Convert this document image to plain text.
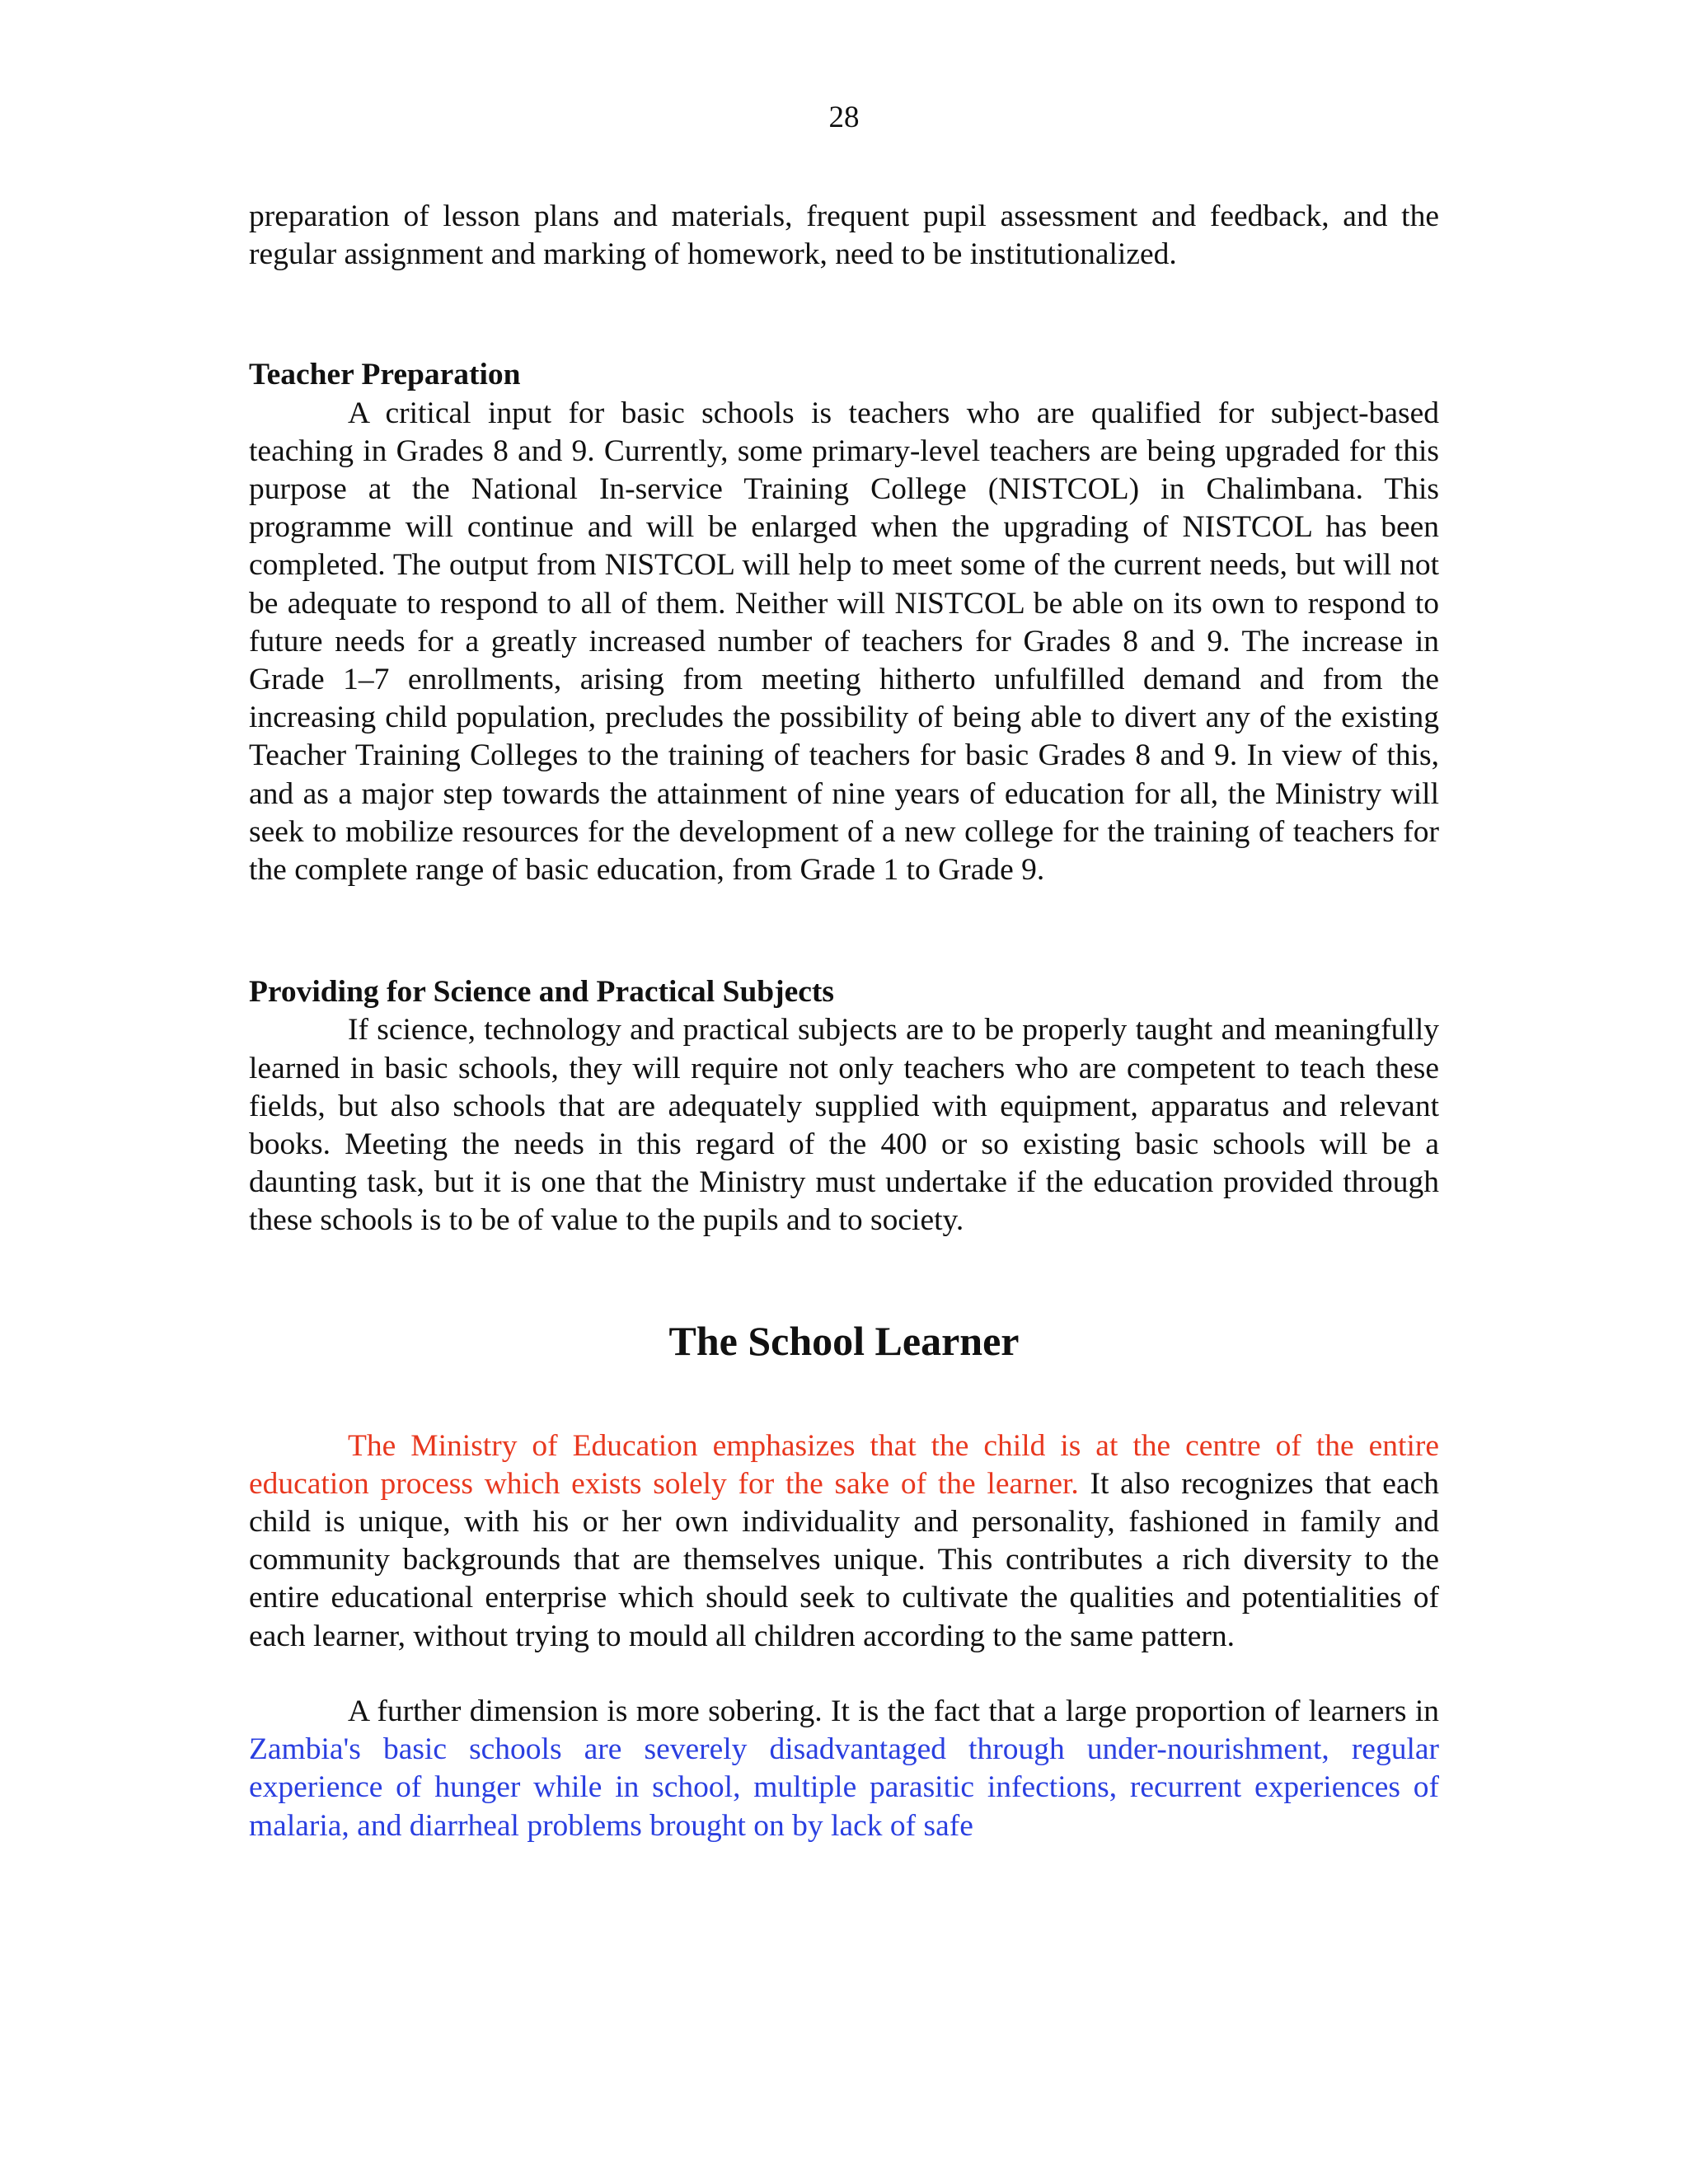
28

preparation of lesson plans and materials, frequent pupil assessment and feedback, and the regular assignment and marking of homework, need to be institutionalized.

Teacher Preparation

A critical input for basic schools is teachers who are qualified for subject-based teaching in Grades 8 and 9. Currently, some primary-level teachers are being upgraded for this purpose at the National In-service Training College (NISTCOL) in Chalimbana. This programme will continue and will be enlarged when the upgrading of NISTCOL has been completed. The output from NISTCOL will help to meet some of the current needs, but will not be adequate to respond to all of them. Neither will NISTCOL be able on its own to respond to future needs for a greatly increased number of teachers for Grades 8 and 9. The increase in Grade 1–7 enrollments, arising from meeting hitherto unfulfilled demand and from the increasing child population, precludes the possibility of being able to divert any of the existing Teacher Training Colleges to the training of teachers for basic Grades 8 and 9. In view of this, and as a major step towards the attainment of nine years of education for all, the Ministry will seek to mobilize resources for the development of a new college for the training of teachers for the complete range of basic education, from Grade 1 to Grade 9.

Providing for Science and Practical Subjects

If science, technology and practical subjects are to be properly taught and meaningfully learned in basic schools, they will require not only teachers who are competent to teach these fields, but also schools that are adequately supplied with equipment, apparatus and relevant books. Meeting the needs in this regard of the 400 or so existing basic schools will be a daunting task, but it is one that the Ministry must undertake if the education provided through these schools is to be of value to the pupils and to society.

The School Learner

The Ministry of Education emphasizes that the child is at the centre of the entire education process which exists solely for the sake of the learner. It also recognizes that each child is unique, with his or her own individuality and personality, fashioned in family and community backgrounds that are themselves unique. This contributes a rich diversity to the entire educational enterprise which should seek to cultivate the qualities and potentialities of each learner, without trying to mould all children according to the same pattern.

A further dimension is more sobering. It is the fact that a large proportion of learners in Zambia's basic schools are severely disadvantaged through under-nourishment, regular experience of hunger while in school, multiple parasitic infections, recurrent experiences of malaria, and diarrheal problems brought on by lack of safe
